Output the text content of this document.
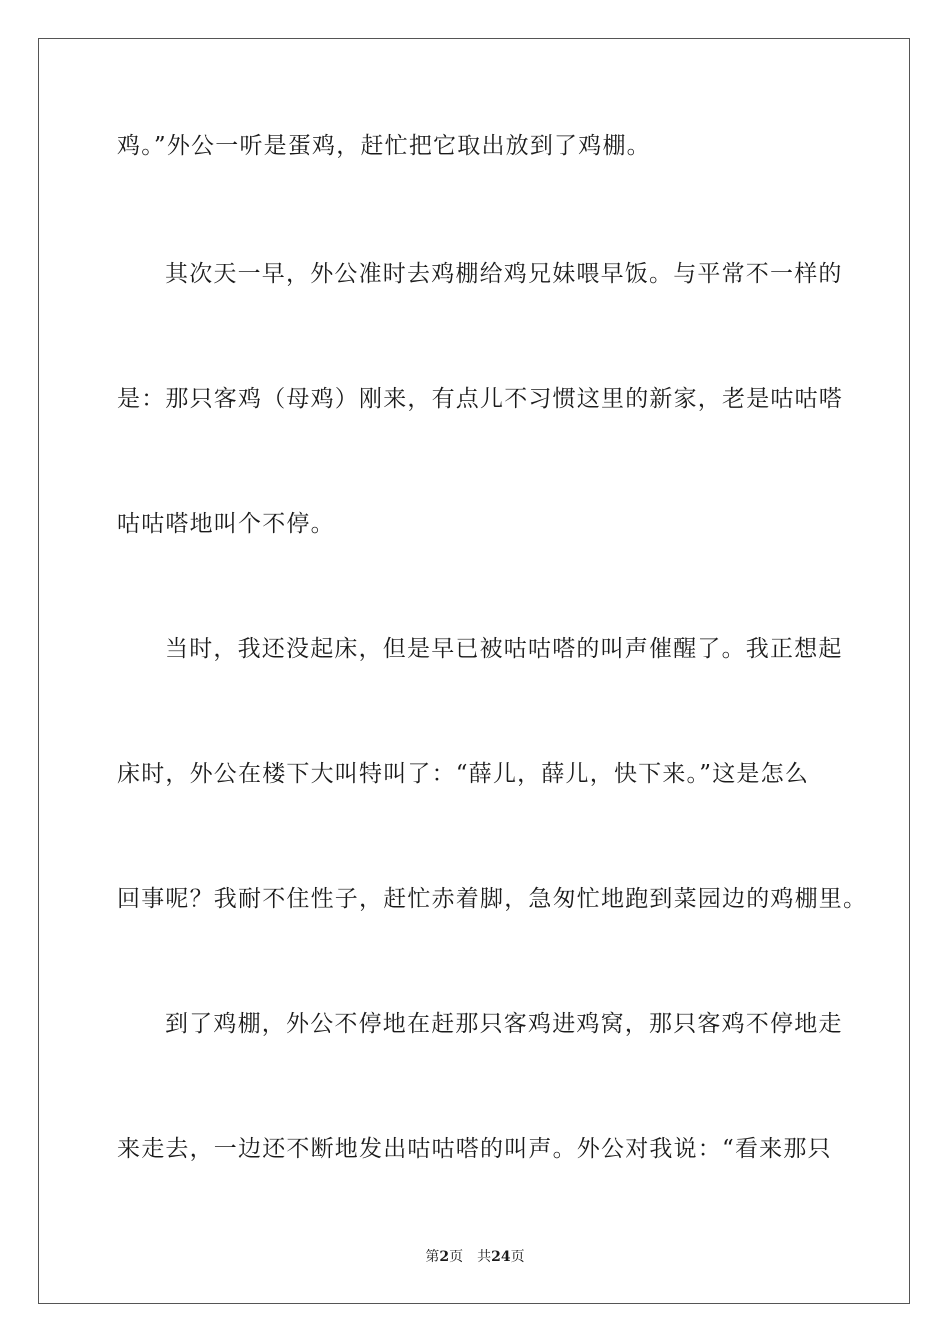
鸡。”外公一听是蛋鸡，赶忙把它取出放到了鸡棚。
其次天一早，外公准时去鸡棚给鸡兄妹喂早饭。与平常不一样的
是：那只客鸡（母鸡）刚来，有点儿不习惯这里的新家，老是咕咕嗒
咕咕嗒地叫个不停。
当时，我还没起床，但是早已被咕咕嗒的叫声催醒了。我正想起
床时，外公在楼下大叫特叫了：“薛儿，薛儿，快下来。”这是怎么
回事呢？我耐不住性子，赶忙赤着脚，急匆忙地跑到菜园边的鸡棚里。
到了鸡棚，外公不停地在赶那只客鸡进鸡窝，那只客鸡不停地走
来走去，一边还不断地发出咕咕嗒的叫声。外公对我说：“看来那只
第2页 共24页
